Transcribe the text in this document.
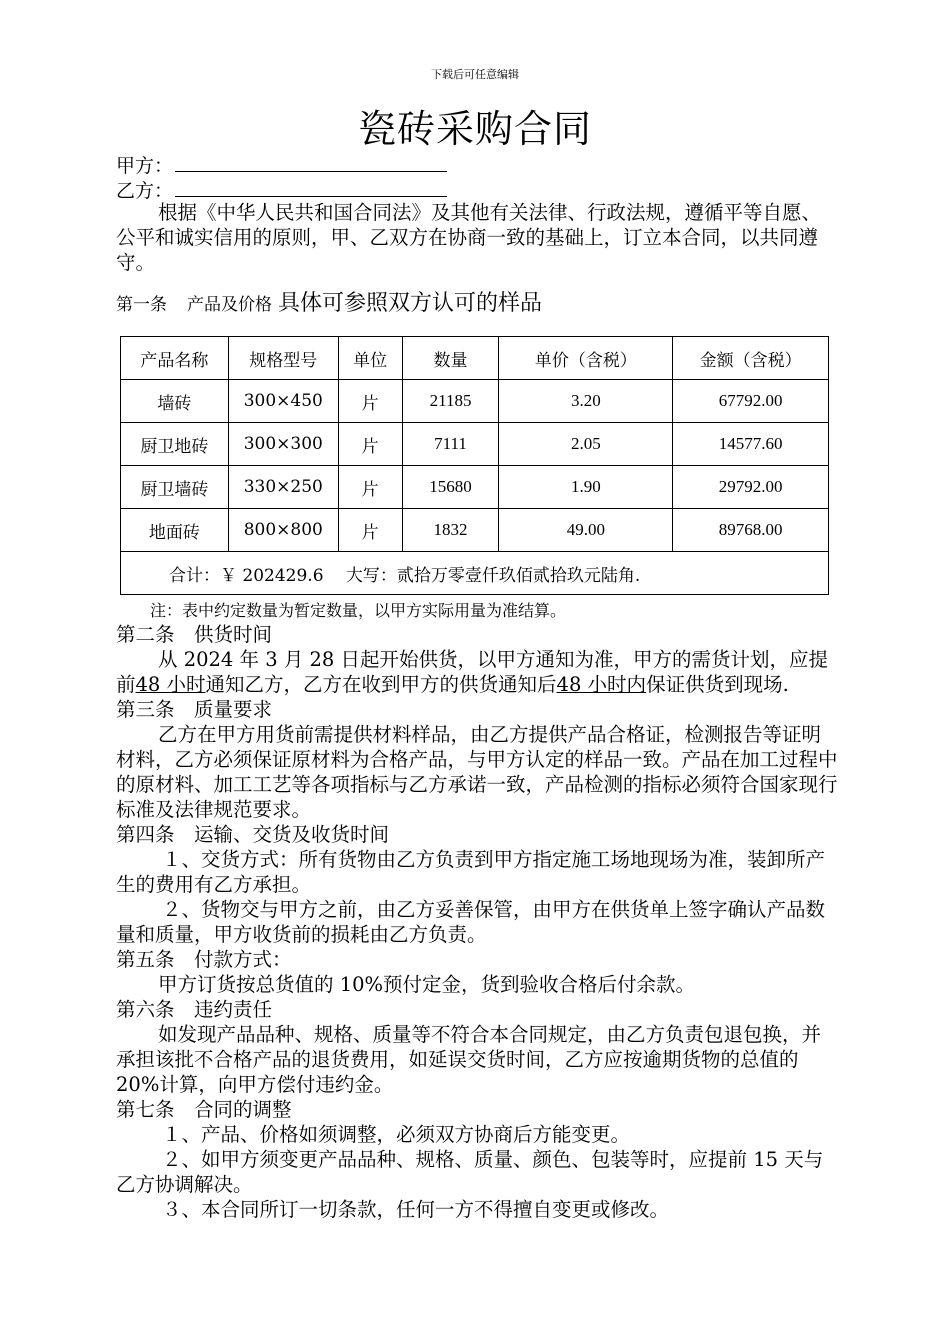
下载后可任意编辑
瓷砖采购合同
甲方：
乙方：
根据《中华人民共和国合同法》及其他有关法律、行政法规，遵循平等自愿、公平和诚实信用的原则，甲、乙双方在协商一致的基础上，订立本合同，以共同遵守。
第一条 产品及价格 具体可参照双方认可的样品
产品名称	规格型号	单位	数量	单价（含税）	金额（含税）
墙砖	300×450	片	21185	3.20	67792.00
厨卫地砖	300×300	片	7111	2.05	14577.60
厨卫墙砖	330×250	片	15680	1.90	29792.00
地面砖	800×800	片	1832	49.00	89768.00
合计：￥ 202429.6　 大写：贰拾万零壹仟玖佰贰拾玖元陆角.					
注：表中约定数量为暂定数量，以甲方实际用量为准结算。

第二条　供货时间

从 2024 年 3 月 28 日起开始供货，以甲方通知为准，甲方的需货计划，应提前48 小时通知乙方，乙方在收到甲方的供货通知后48 小时内保证供货到现场.

第三条　质量要求

乙方在甲方用货前需提供材料样品，由乙方提供产品合格证，检测报告等证明材料，乙方必须保证原材料为合格产品，与甲方认定的样品一致。产品在加工过程中的原材料、加工工艺等各项指标与乙方承诺一致，产品检测的指标必须符合国家现行标准及法律规范要求。

第四条　运输、交货及收货时间

１、交货方式：所有货物由乙方负责到甲方指定施工场地现场为准，装卸所产生的费用有乙方承担。

２、货物交与甲方之前，由乙方妥善保管，由甲方在供货单上签字确认产品数量和质量，甲方收货前的损耗由乙方负责。

第五条　付款方式：

甲方订货按总货值的 10%预付定金，货到验收合格后付余款。

第六条　违约责任

如发现产品品种、规格、质量等不符合本合同规定，由乙方负责包退包换，并承担该批不合格产品的退货费用，如延误交货时间，乙方应按逾期货物的总值的 20%计算，向甲方偿付违约金。

第七条　合同的调整

１、产品、价格如须调整，必须双方协商后方能变更。

２、如甲方须变更产品品种、规格、质量、颜色、包装等时，应提前 15 天与乙方协调解决。

３、本合同所订一切条款，任何一方不得擅自变更或修改。
